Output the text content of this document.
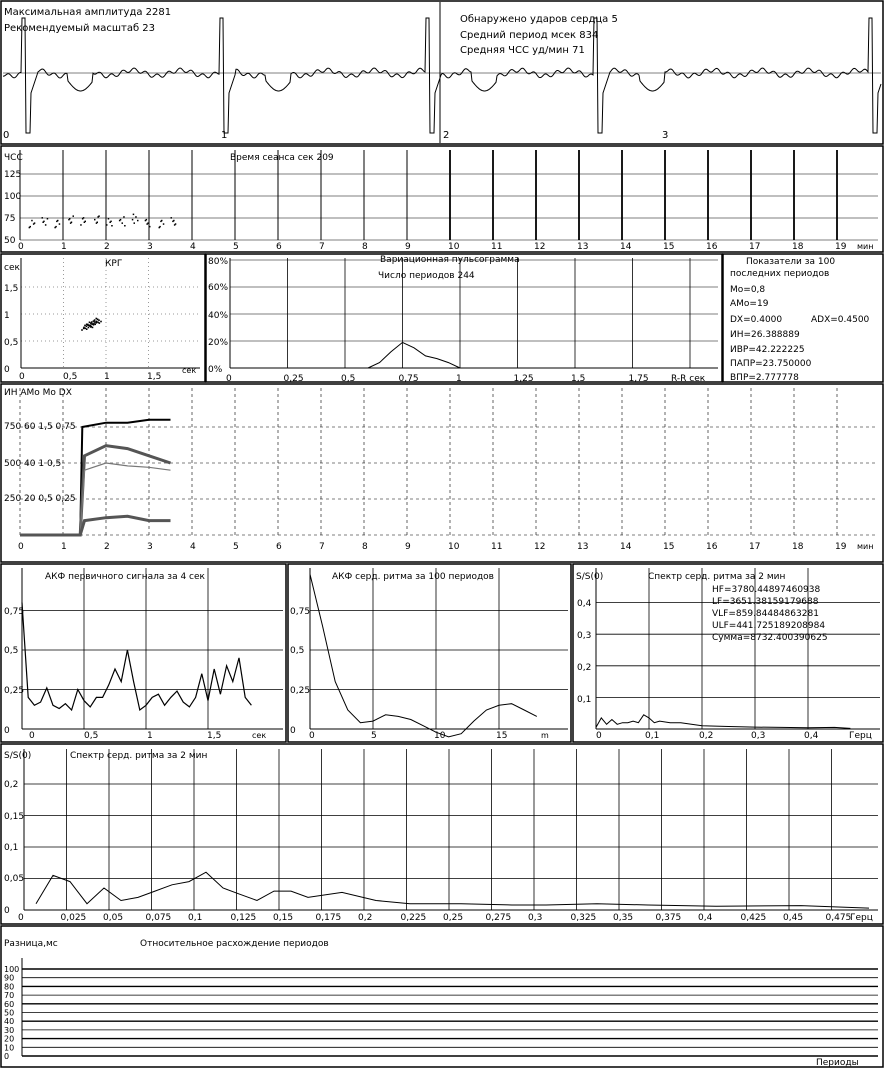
Максимальная амплитуда 2281
Рекомендуемый масштаб 23
Обнаружено ударов сердца 5
Средний период мсек 834
Средняя ЧСС уд/мин 71
0	1	2	3
ЧСС	Время сеанса сек 209
125
100
75
50
0	1	2	3	4	5	6	7	8	9	10	11	12	13	14	15	16	17	18	19 мин
КРГ
сек
1,5
1
0,5
0
0	0,5	1	1,5
сек
Вариационная пульсограмма
Число периодов 244
80%
60%
40%
20%
0%
0	0,25	0,5	0,75	1	1,25	1,5	1,75 R-R сек
Показатели за 100
последних периодов
Мо=0,8
АМо=19
DX=0.4000	ADX=0.4500
ИН=26.388889
ИВР=42.222225
ПАПР=23.750000
ВПР=2.777778
ИН АМо Мо DX
750 60 1,5 0,75
500 40 1 0,5
250 20 0,5 0,25
0	1	2	3	4	5	6	7	8	9	10	11	12	13	14	15	16	17	18	19 мин
АКФ первичного сигнала за 4 сек
0,75
0,5
0,25
0 0	0,5	1	1,5	сек
АКФ серд. ритма за 100 периодов
0,75
0,5
0,25
0 0	5	10	15	m
S/S(0)	Спектр серд. ритма за 2 мин
HF=3780.44897460938
LF=3651.38159179688
VLF=859.84484863281
ULF=441.725189208984
Сумма=8732.400390625
0,4
0,3
0,2
0,1
0	0,1	0,2	0,3	0,4	Герц
S/S(0)	Спектр серд. ритма за 2 мин
0,2
0,15
0,1
0,05
0
0	0,025 0,05 0,075 0,1	0,125 0,15 0,175 0,2	0,225 0,25 0,275 0,3	0,325 0,35 0,375 0,4	0,425 0,45 0,475
Герц
Разница,мс	Относительное расхождение периодов
0
10
20
30
40
50
60
70
80
90
100
Периоды
